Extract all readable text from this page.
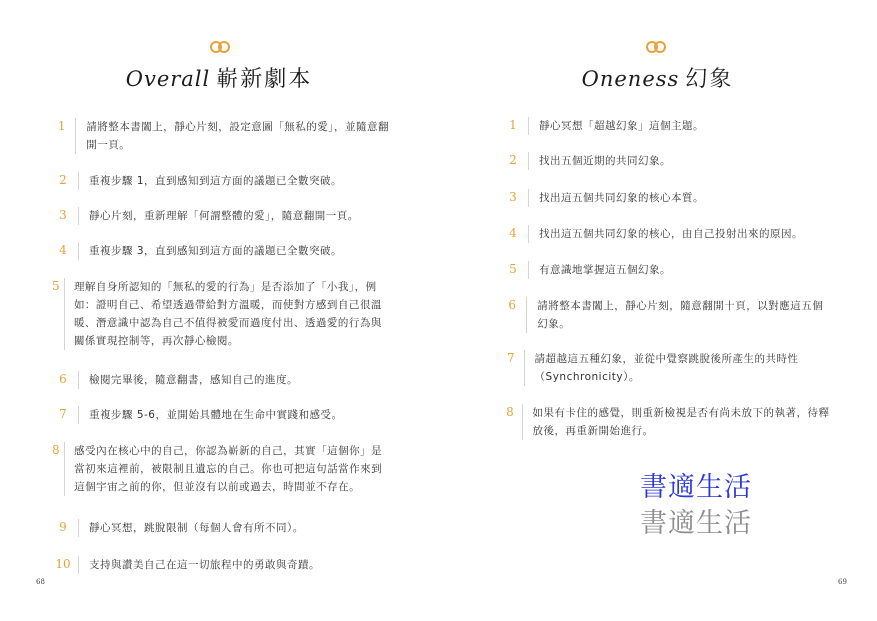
Overall 嶄新劇本
1	請將整本書闔上，靜心片刻，設定意圖「無私的愛」，並隨意翻開一頁。
2	重複步驟 1，直到感知到這方面的議題已全數突破。
3	靜心片刻，重新理解「何謂整體的愛」，隨意翻開一頁。
4	重複步驟 3，直到感知到這方面的議題已全數突破。
5 理解自身所認知的「無私的愛的行為」是否添加了「小我」，例如：證明自己、希望透過帶給對方溫暖，而使對方感到自己很溫暖、潛意識中認為自己不值得被愛而過度付出、透過愛的行為與關係實現控制等，再次靜心檢閱。
6	檢閱完畢後，隨意翻書，感知自己的進度。
7	重複步驟 5-6，並開始具體地在生命中實踐和感受。
8 感受內在核心中的自己，你認為嶄新的自己，其實「這個你」是當初來這裡前，被限制且遺忘的自己。你也可把這句話當作來到這個宇宙之前的你，但並沒有以前或過去，時間並不存在。
9	靜心冥想，跳脫限制（每個人會有所不同）。
10	支持與讚美自己在這一切旅程中的勇敢與奇蹟。
68
Oneness 幻象
1	靜心冥想「超越幻象」這個主題。
2	找出五個近期的共同幻象。
3	找出這五個共同幻象的核心本質。
4	找出這五個共同幻象的核心，由自己投射出來的原因。
5	有意識地掌握這五個幻象。
6	請將整本書闔上，靜心片刻，隨意翻開十頁，以對應這五個幻象。
7	請超越這五種幻象，並從中覺察跳脫後所產生的共時性（Synchronicity）。
8	如果有卡住的感覺，則重新檢視是否有尚未放下的執著，待釋放後，再重新開始進行。
書適生活
書適生活
69
